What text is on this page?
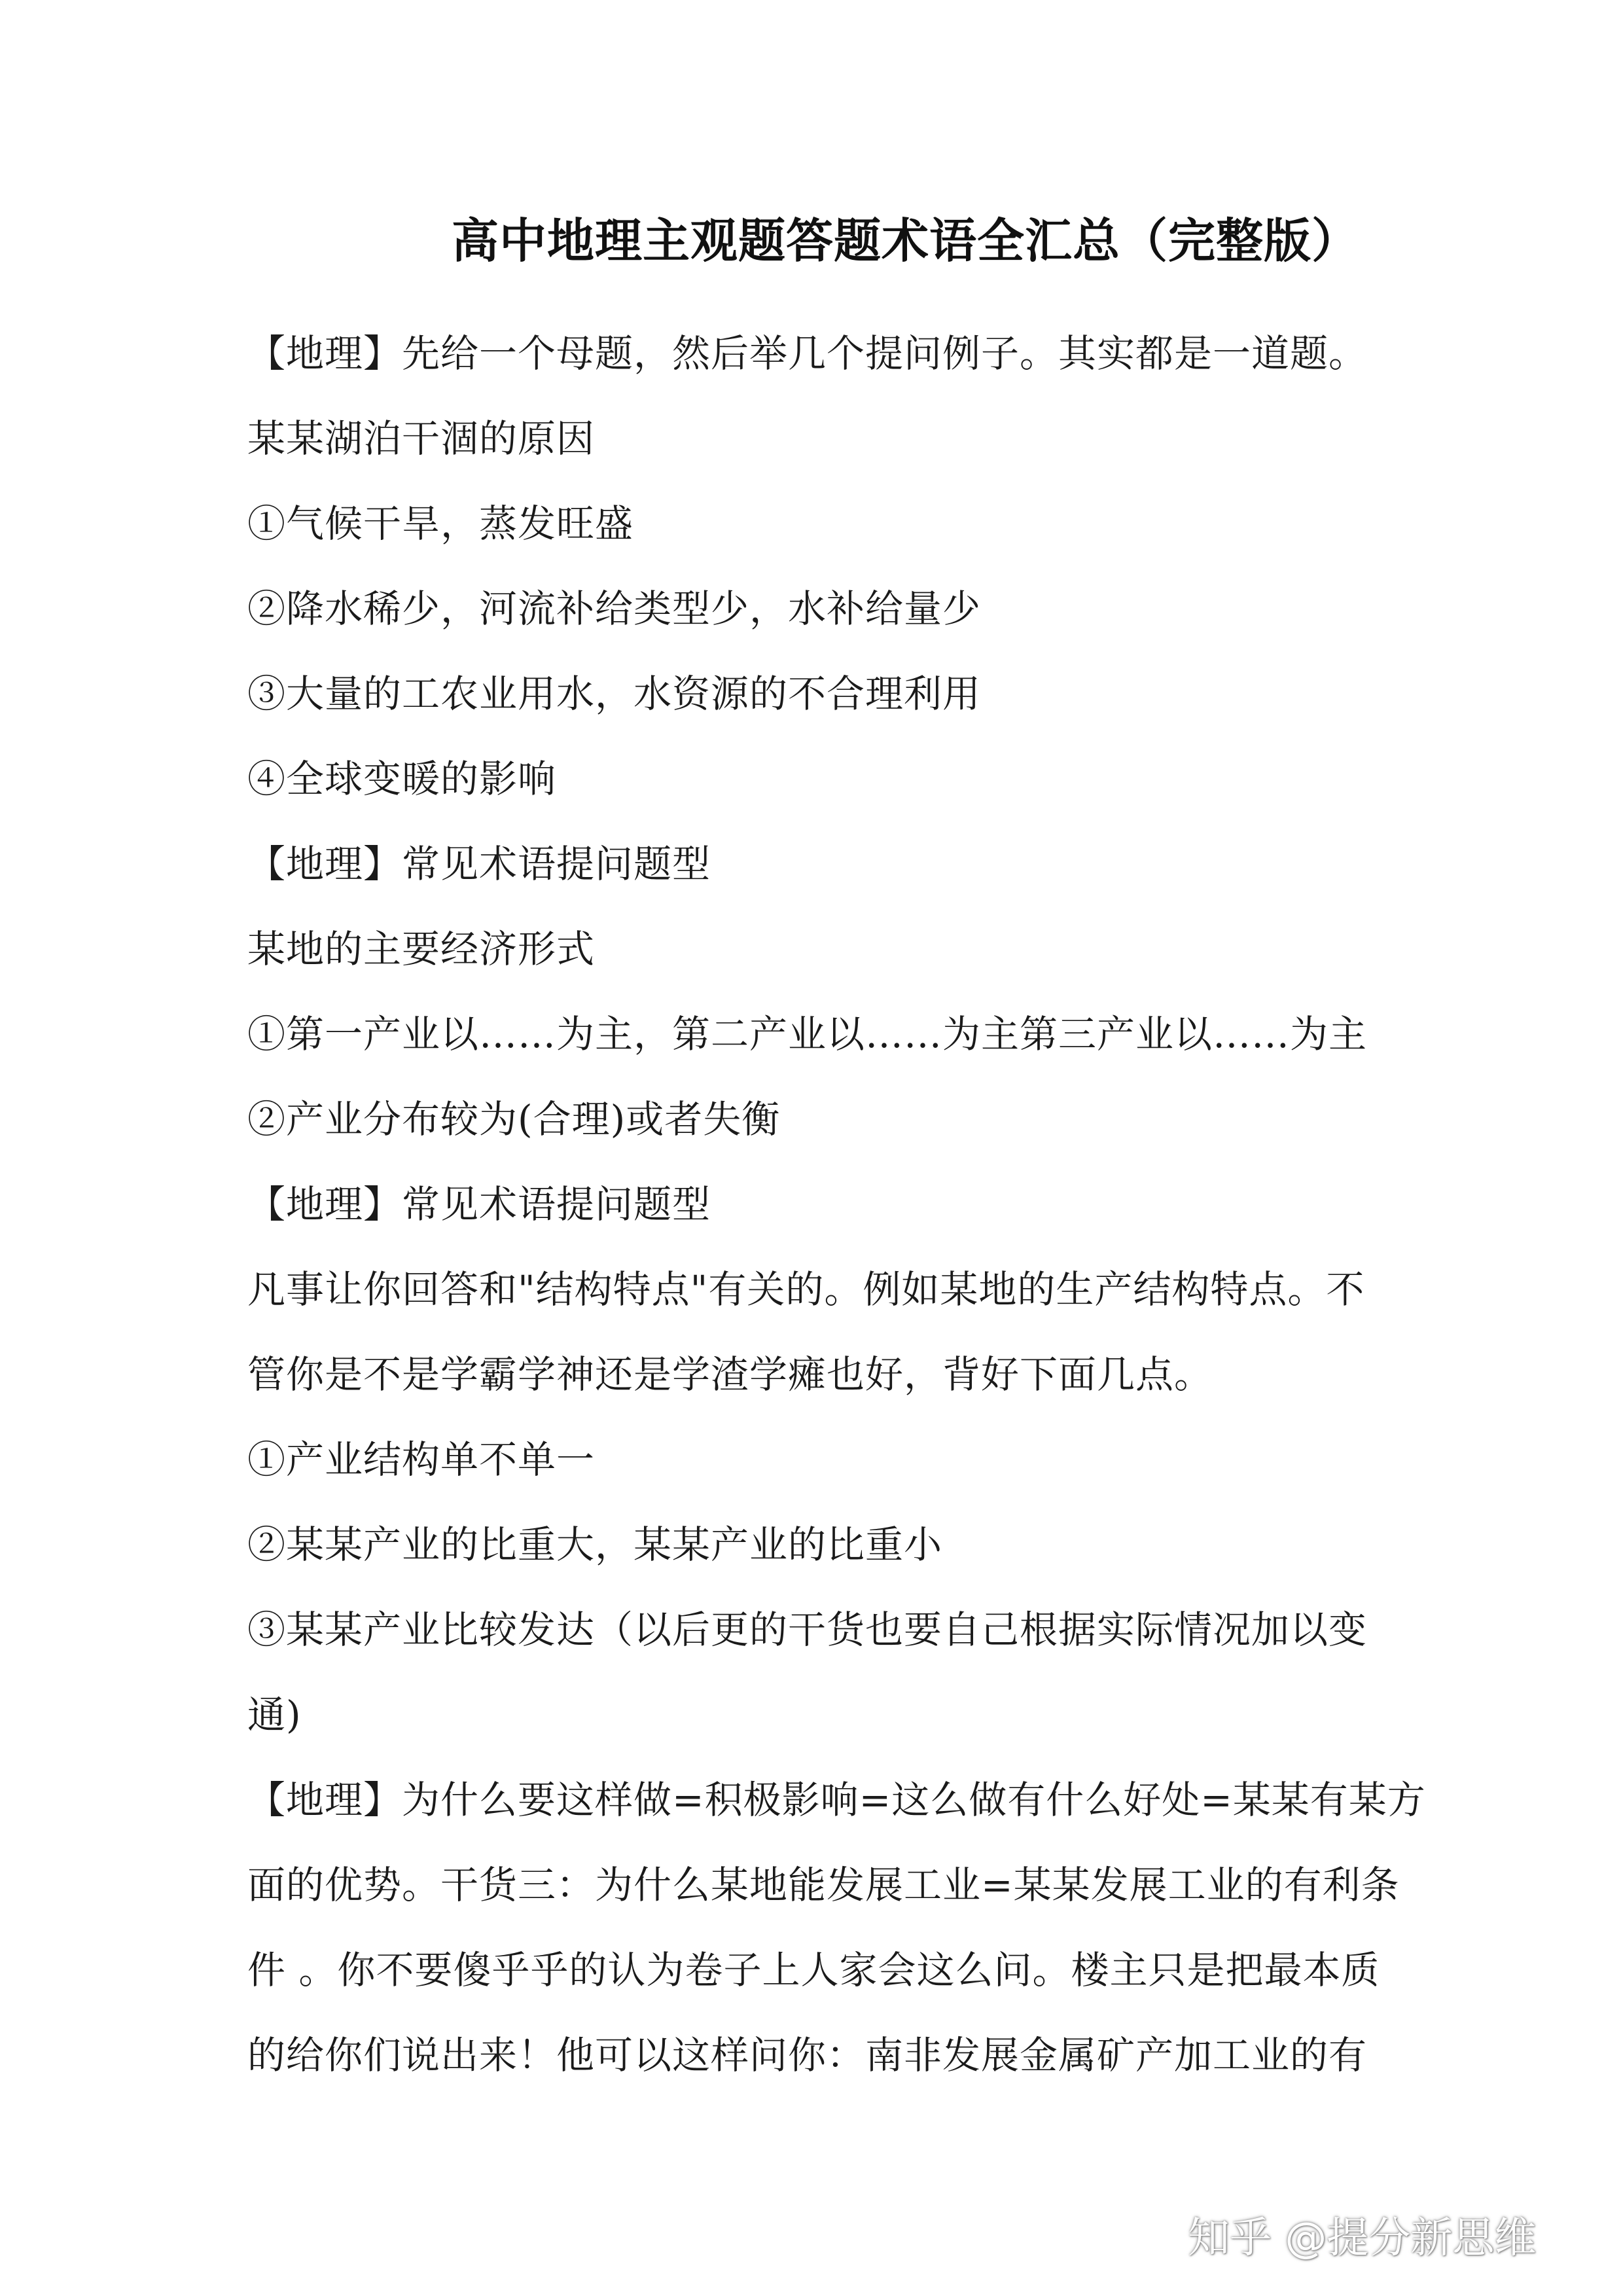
高中地理主观题答题术语全汇总（完整版）
【地理】先给一个母题，然后举几个提问例子。其实都是一道题。
某某湖泊干涸的原因
①气候干旱，蒸发旺盛
②降水稀少，河流补给类型少，水补给量少
③大量的工农业用水，水资源的不合理利用
④全球变暖的影响
【地理】常见术语提问题型
某地的主要经济形式
①第一产业以……为主，第二产业以……为主第三产业以……为主
②产业分布较为(合理)或者失衡
【地理】常见术语提问题型
凡事让你回答和"结构特点"有关的。例如某地的生产结构特点。不
管你是不是学霸学神还是学渣学瘫也好，背好下面几点。
①产业结构单不单一
②某某产业的比重大，某某产业的比重小
③某某产业比较发达（以后更的干货也要自己根据实际情况加以变
通)
【地理】为什么要这样做=积极影响=这么做有什么好处=某某有某方
面的优势。干货三：为什么某地能发展工业=某某发展工业的有利条
件 。你不要傻乎乎的认为卷子上人家会这么问。楼主只是把最本质
的给你们说出来！他可以这样问你：南非发展金属矿产加工业的有
知乎 @提分新思维
